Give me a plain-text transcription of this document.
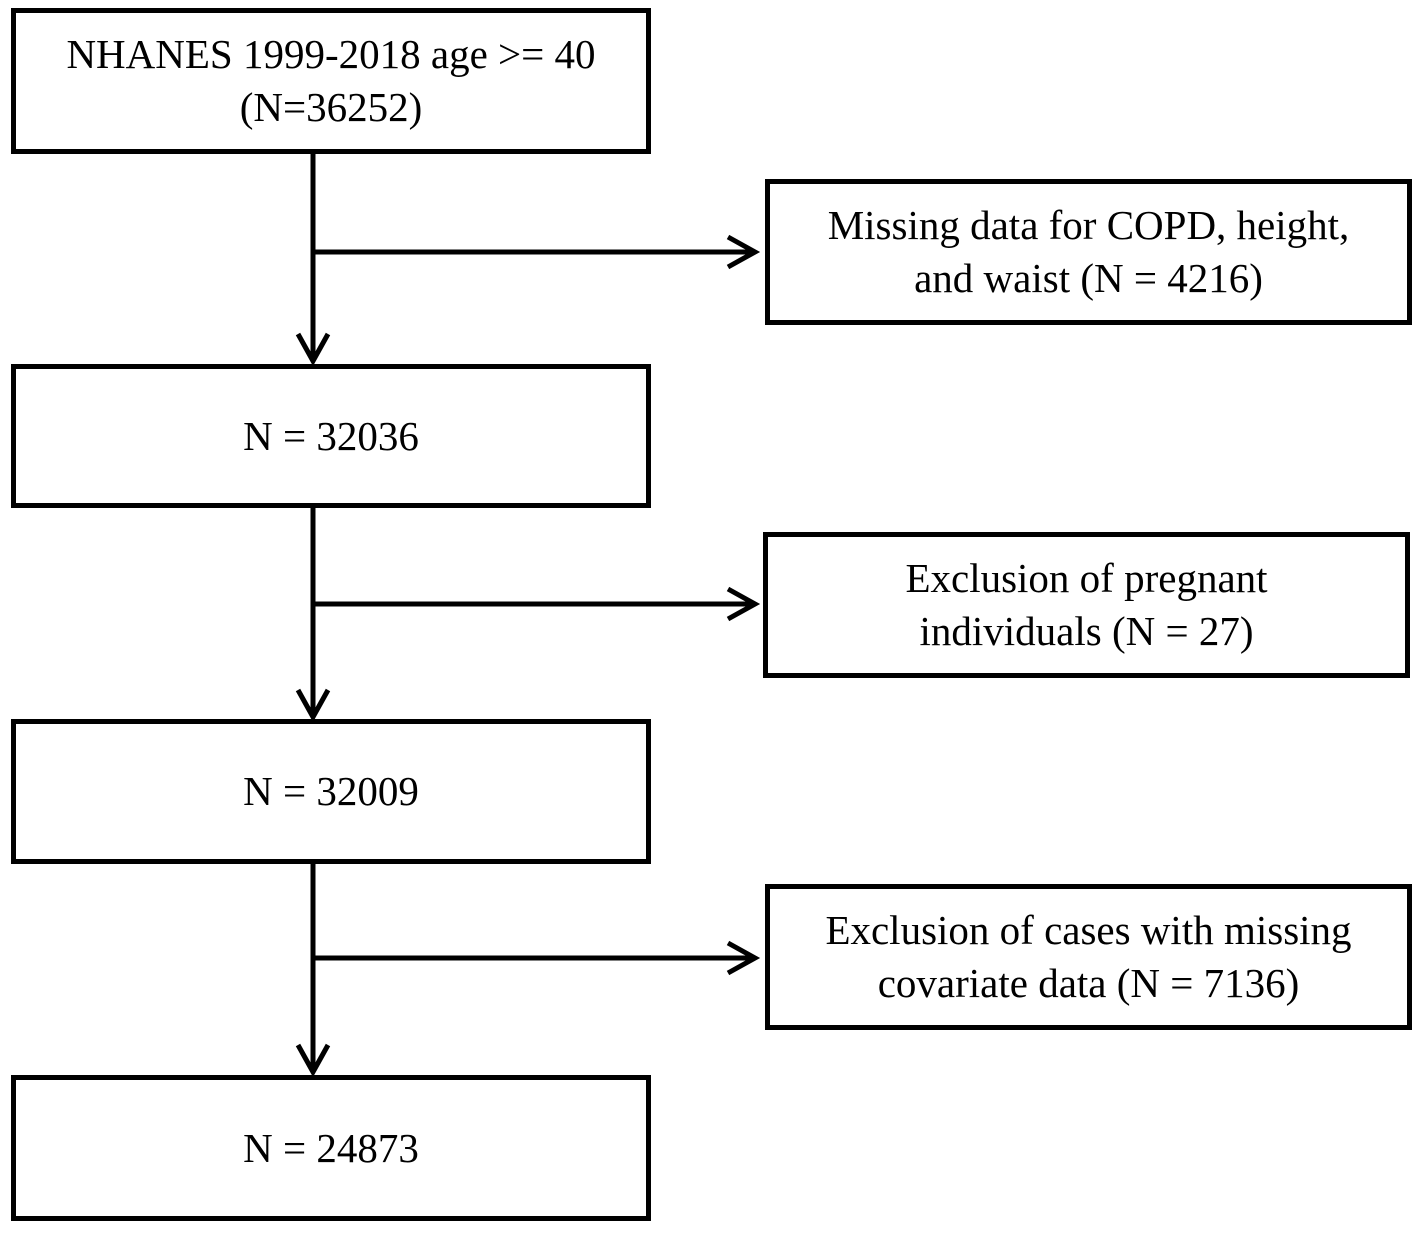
NHANES 1999-2018 age >= 40
(N=36252)
N = 32036
N = 32009
N = 24873
Missing data for COPD, height,
and waist (N = 4216)
Exclusion of pregnant
individuals (N = 27)
Exclusion of cases with missing
covariate data (N = 7136)
